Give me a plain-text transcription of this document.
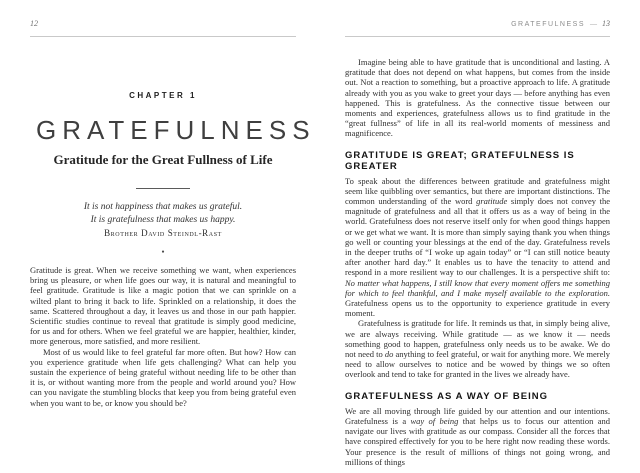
12
CHAPTER 1
GRATEFULNESS
Gratitude for the Great Fullness of Life
It is not happiness that makes us grateful.
It is gratefulness that makes us happy.
Brother David Steindl-Rast
●

Gratitude is great. When we receive something we want, when experiences bring us pleasure, or when life goes our way, it is natural and meaningful to feel gratitude. Gratitude is like a magic potion that we can sprinkle on a wilted plant to bring it back to life. Sprinkled on a relationship, it does the same. Scattered throughout a day, it leaves us and those in our path happier. Scientific studies continue to reveal that gratitude is simply good medicine, for us and for others. When we feel grateful we are happier, healthier, kinder, more generous, more satisfied, and more resilient.

Most of us would like to feel grateful far more often. But how? How can you experience gratitude when life gets challenging? What can help you sustain the experience of being grateful without needing life to be other than it is, or without wanting more from the people and world around you? How can you navigate the stumbling blocks that keep you from being grateful even when you want to be, or know you should be?

GRATEFULNESS — 13

Imagine being able to have gratitude that is unconditional and lasting. A gratitude that does not depend on what happens, but comes from the inside out. Not a reaction to something, but a proactive approach to life. A gratitude already with you as you wake to greet your days — before anything has even happened. This is gratefulness. As the connective tissue between our moments and experiences, gratefulness allows us to find gratitude in the “great fullness” of life in all its real-world moments of messiness and magnificence.

GRATITUDE IS GREAT; GRATEFULNESS IS GREATER

To speak about the differences between gratitude and gratefulness might seem like quibbling over semantics, but there are important distinctions. The common understanding of the word gratitude simply does not convey the magnitude of gratefulness and all that it offers us as a way of being in the world. Gratefulness does not reserve itself only for when good things happen or we get what we want. It is more than simply saying thank you when things go well or counting your blessings at the end of the day. Gratefulness revels in the deeper truths of “I woke up again today” or “I can still notice beauty after another hard day.” It enables us to have the tenacity to attend and respond in a more resilient way to our challenges. It is a perspective shift to: No matter what happens, I still know that every moment offers me something for which to feel thankful, and I make myself available to the exploration. Gratefulness opens us to the opportunity to experience gratitude in every moment.

Gratefulness is gratitude for life. It reminds us that, in simply being alive, we are always receiving. While gratitude — as we know it — needs something good to happen, gratefulness only needs us to be awake. We do not need to do anything to feel grateful, or wait for anything more. We merely need to allow ourselves to notice and be wowed by things we so often overlook and tend to take for granted in the lives we already have.

GRATEFULNESS AS A WAY OF BEING

We are all moving through life guided by our attention and our intentions. Gratefulness is a way of being that helps us to focus our attention and navigate our lives with gratitude as our compass. Consider all the forces that have conspired effectively for you to be here right now reading these words. Your presence is the result of millions of things not going wrong, and millions of things
